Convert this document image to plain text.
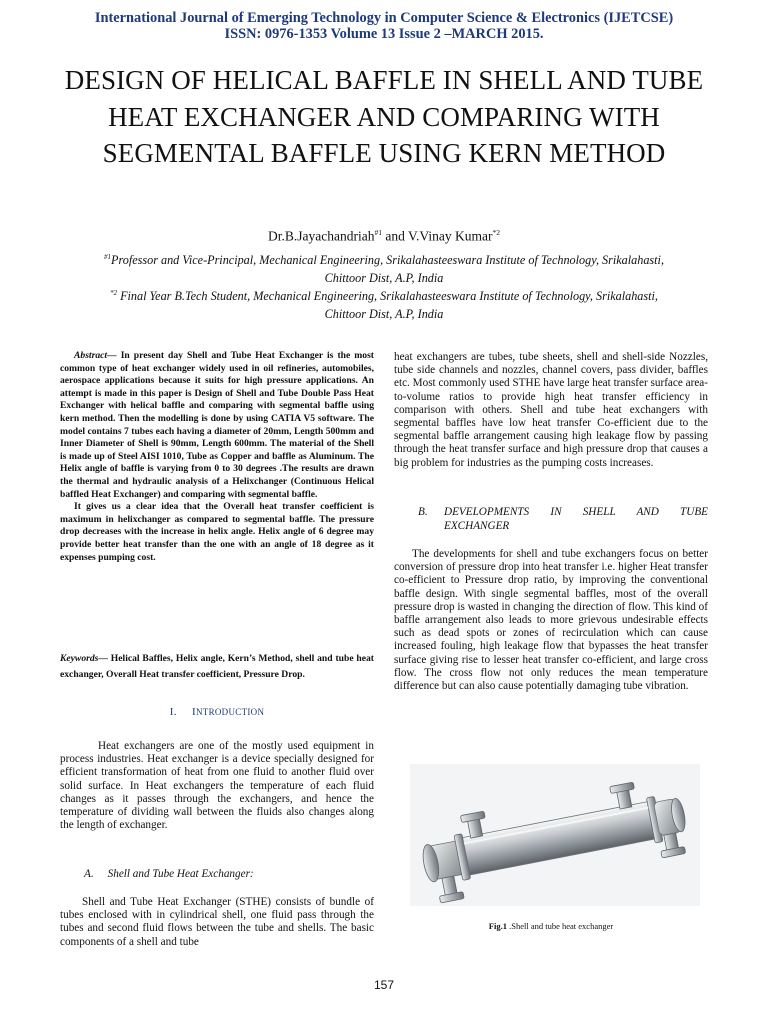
International Journal of Emerging Technology in Computer Science & Electronics (IJETCSE)
ISSN: 0976-1353 Volume 13 Issue 2 –MARCH 2015.
DESIGN OF HELICAL BAFFLE IN SHELL AND TUBE HEAT EXCHANGER AND COMPARING WITH SEGMENTAL BAFFLE USING KERN METHOD
Dr.B.Jayachandriah$^{\#1}$ and V.Vinay Kumar$^{*2}$
$^{\#1}$Professor and Vice-Principal, Mechanical Engineering, Srikalahasteeswara Institute of Technology, Srikalahasti,
Chittoor Dist, A.P, India
$^{*2}$ Final Year B.Tech Student, Mechanical Engineering, Srikalahasteeswara Institute of Technology, Srikalahasti,
Chittoor Dist, A.P, India

Abstract— In present day Shell and Tube Heat Exchanger is the most common type of heat exchanger widely used in oil refineries, automobiles, aerospace applications because it suits for high pressure applications. An attempt is made in this paper is Design of Shell and Tube Double Pass Heat Exchanger with helical baffle and comparing with segmental baffle using kern method. Then the modelling is done by using CATIA V5 software. The model contains 7 tubes each having a diameter of 20mm, Length 500mm and Inner Diameter of Shell is 90mm, Length 600mm. The material of the Shell is made up of Steel AISI 1010, Tube as Copper and baffle as Aluminum. The Helix angle of baffle is varying from 0 to 30 degrees .The results are drawn the thermal and hydraulic analysis of a Helixchanger (Continuous Helical baffled Heat Exchanger) and comparing with segmental baffle.

It gives us a clear idea that the Overall heat transfer coefficient is maximum in helixchanger as compared to segmental baffle. The pressure drop decreases with the increase in helix angle. Helix angle of 6 degree may provide better heat transfer than the one with an angle of 18 degree as it expenses pumping cost.

Keywords— Helical Baffles, Helix angle, Kern’s Method, shell and tube heat exchanger, Overall Heat transfer coefficient, Pressure Drop.
I. INTRODUCTION

Heat exchangers are one of the mostly used equipment in process industries. Heat exchanger is a device specially designed for efficient transformation of heat from one fluid to another fluid over solid surface. In Heat exchangers the temperature of each fluid changes as it passes through the exchangers, and hence the temperature of dividing wall between the fluids also changes along the length of exchanger.

A. Shell and Tube Heat Exchanger:

Shell and Tube Heat Exchanger (STHE) consists of bundle of tubes enclosed with in cylindrical shell, one fluid pass through the tubes and second fluid flows between the tube and shells. The basic components of a shell and tube

heat exchangers are tubes, tube sheets, shell and shell-side Nozzles, tube side channels and nozzles, channel covers, pass divider, baffles etc. Most commonly used STHE have large heat transfer surface area-to-volume ratios to provide high heat transfer efficiency in comparison with others. Shell and tube heat exchangers with segmental baffles have low heat transfer Co-efficient due to the segmental baffle arrangement causing high leakage flow by passing through the heat transfer surface and high pressure drop that causes a big problem for industries as the pumping costs increases.

B. DEVELOPMENTS IN SHELL AND TUBE
EXCHANGER

The developments for shell and tube exchangers focus on better conversion of pressure drop into heat transfer i.e. higher Heat transfer co-efficient to Pressure drop ratio, by improving the conventional baffle design. With single segmental baffles, most of the overall pressure drop is wasted in changing the direction of flow. This kind of baffle arrangement also leads to more grievous undesirable effects such as dead spots or zones of recirculation which can cause increased fouling, high leakage flow that bypasses the heat transfer surface giving rise to lesser heat transfer co-efficient, and large cross flow. The cross flow not only reduces the mean temperature difference but can also cause potentially damaging tube vibration.

Fig.1 .Shell and tube heat exchanger
157
